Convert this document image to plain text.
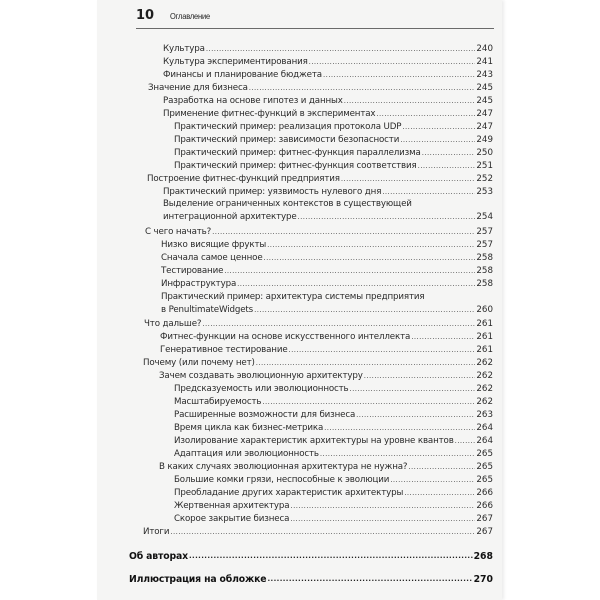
10 Оглавление
Культура .....	240
Культура экспериментирования .....	241
Финансы и планирование бюджета .....	243
Значение для бизнеса .....	245
Разработка на основе гипотез и данных .....	245
Применение фитнес-функций в экспериментах .....	247
Практический пример: реализация протокола UDP .....	247
Практический пример: зависимости безопасности .....	249
Практический пример: фитнес-функция параллелизма .....	250
Практический пример: фитнес-функция соответствия .....	251
Построение фитнес-функций предприятия .....	252
Практический пример: уязвимость нулевого дня .....	253
Выделение ограниченных контекстов в существующей
интеграционной архитектуре .....	254
С чего начать? .....	257
Низко висящие фрукты .....	257
Сначала самое ценное .....	258
Тестирование .....	258
Инфраструктура .....	258
Практический пример: архитектура системы предприятия
в PenultimateWidgets .....	260
Что дальше? .....	261
Фитнес-функции на основе искусственного интеллекта .....	261
Генеративное тестирование .....	261
Почему (или почему нет) .....	262
Зачем создавать эволюционную архитектуру .....	262
Предсказуемость или эволюционность .....	262
Масштабируемость .....	262
Расширенные возможности для бизнеса .....	263
Время цикла как бизнес-метрика .....	264
Изолирование характеристик архитектуры на уровне квантов .....	264
Адаптация или эволюционность .....	265
В каких случаях эволюционная архитектура не нужна? .....	265
Большие комки грязи, неспособные к эволюции .....	265
Преобладание других характеристик архитектуры .....	266
Жертвенная архитектура .....	266
Скорое закрытие бизнеса .....	267
Итоги .....	267
Об авторах .....	268
Иллюстрация на обложке .....	270
